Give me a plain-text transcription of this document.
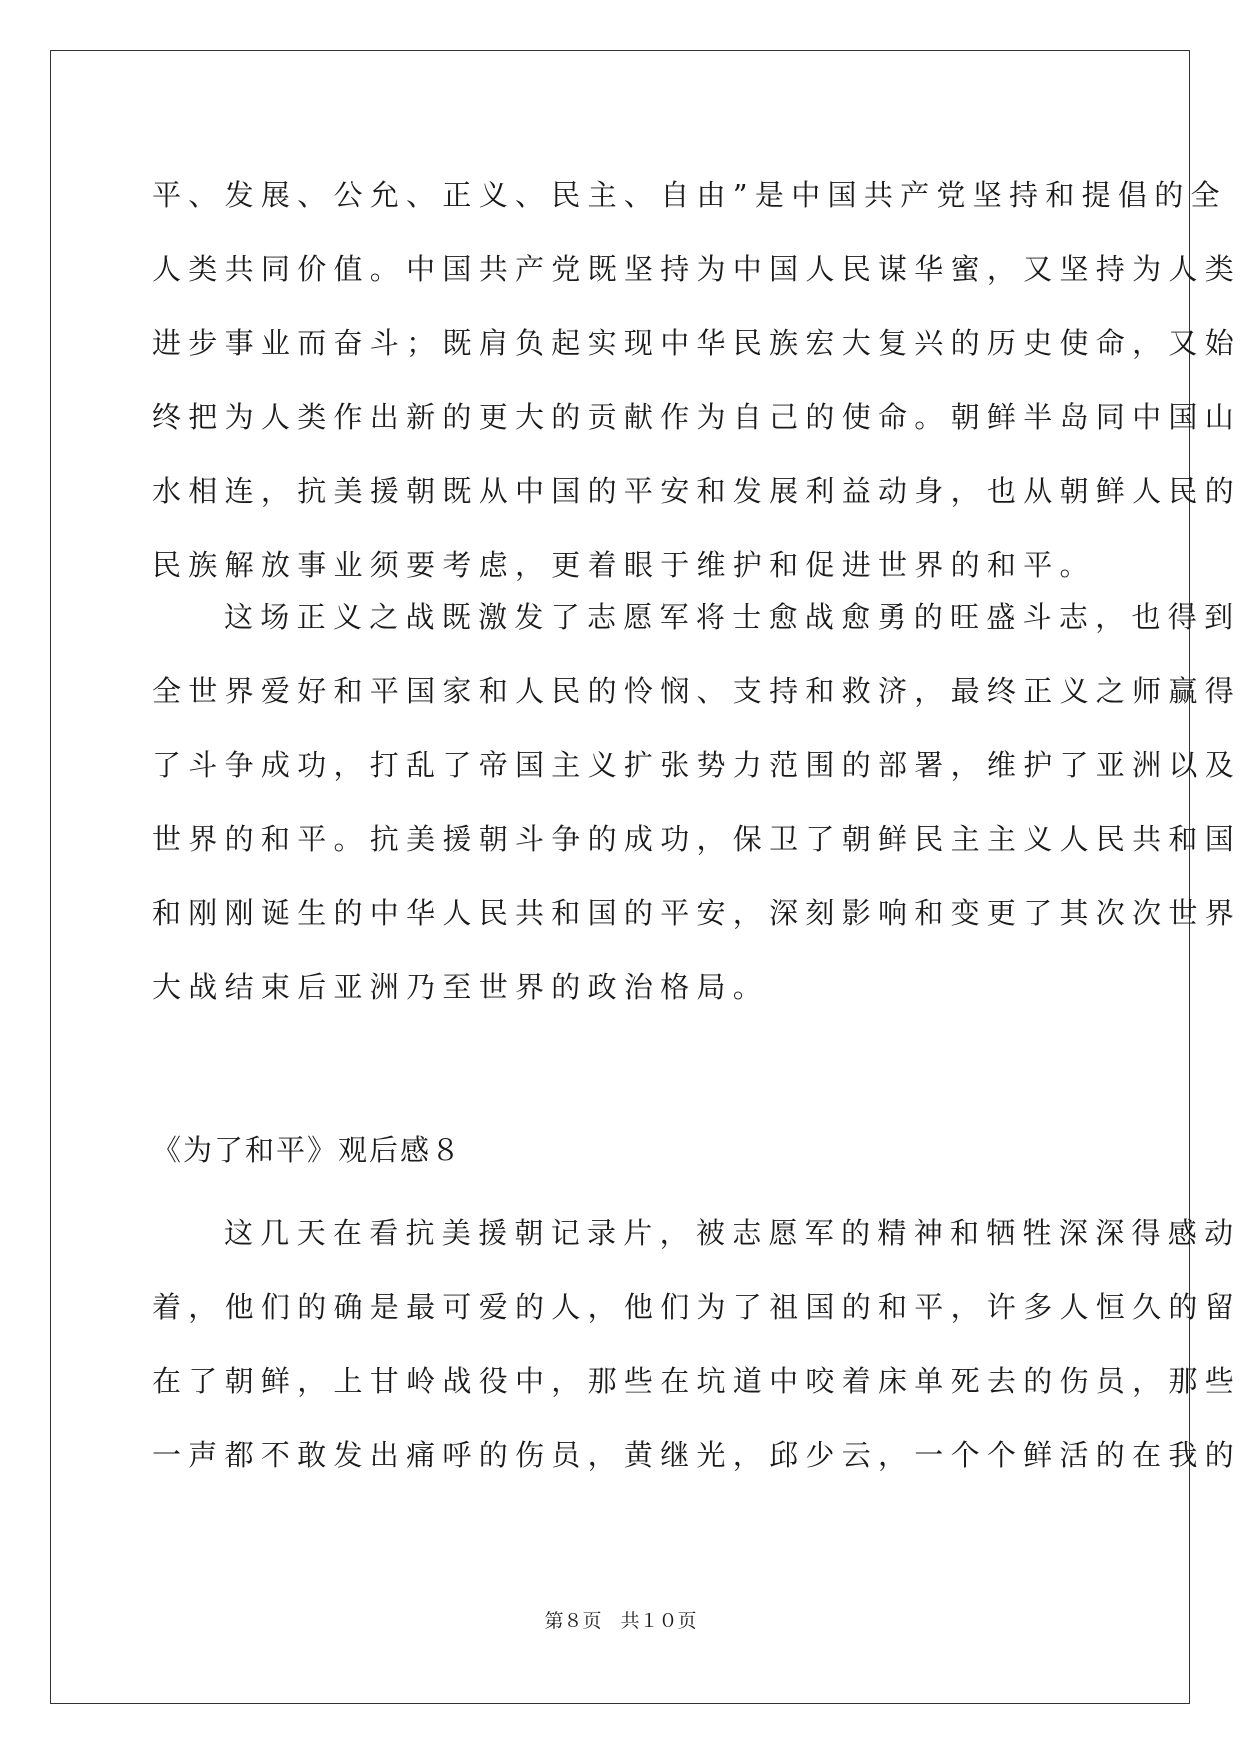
平、发展、公允、正义、民主、自由”是中国共产党坚持和提倡的全
人类共同价值。中国共产党既坚持为中国人民谋华蜜，又坚持为人类
进步事业而奋斗；既肩负起实现中华民族宏大复兴的历史使命，又始
终把为人类作出新的更大的贡献作为自己的使命。朝鲜半岛同中国山
水相连，抗美援朝既从中国的平安和发展利益动身，也从朝鲜人民的
民族解放事业须要考虑，更着眼于维护和促进世界的和平。
这场正义之战既激发了志愿军将士愈战愈勇的旺盛斗志，也得到
全世界爱好和平国家和人民的怜悯、支持和救济，最终正义之师赢得
了斗争成功，打乱了帝国主义扩张势力范围的部署，维护了亚洲以及
世界的和平。抗美援朝斗争的成功，保卫了朝鲜民主主义人民共和国
和刚刚诞生的中华人民共和国的平安，深刻影响和变更了其次次世界
大战结束后亚洲乃至世界的政治格局。
《为了和平》观后感８
这几天在看抗美援朝记录片，被志愿军的精神和牺牲深深得感动
着，他们的确是最可爱的人，他们为了祖国的和平，许多人恒久的留
在了朝鲜，上甘岭战役中，那些在坑道中咬着床单死去的伤员，那些
一声都不敢发出痛呼的伤员，黄继光，邱少云，一个个鲜活的在我的
第８页　共１０页
